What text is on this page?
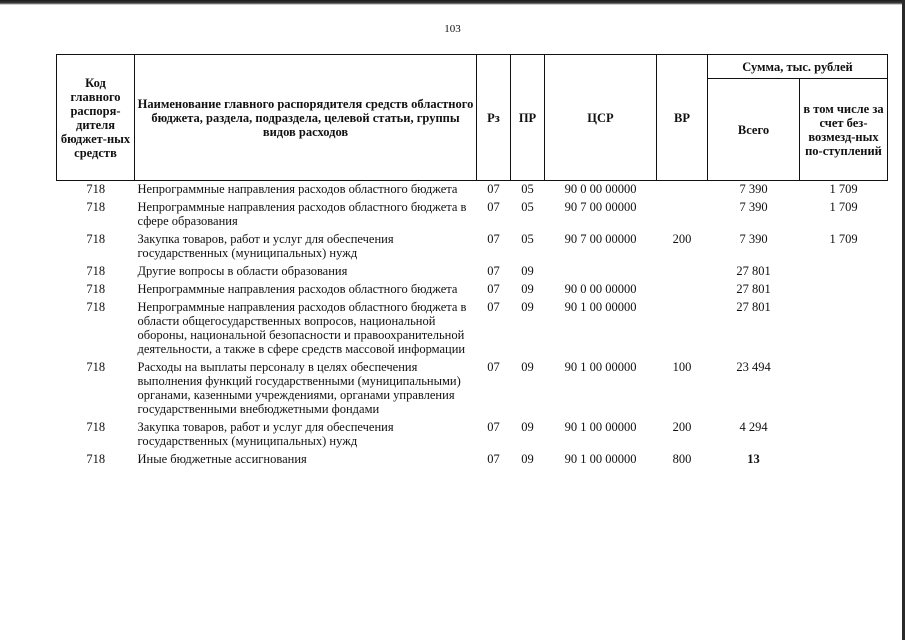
103
Код главного распоря-дителя бюджет-ных средств	Наименование главного распорядителя средств областного бюджета, раздела, подраздела, целевой статьи, группы видов расходов	Рз	ПР	ЦСР	ВР	Сумма, тыс. рублей	
						Всего	в том числе за счет без-возмезд-ных по-ступлений
718	Непрограммные направления расходов областного бюджета	07	05	90 0 00 00000		7 390	1 709
718	Непрограммные направления расходов областного бюджета в сфере образования	07	05	90 7 00 00000		7 390	1 709
718	Закупка товаров, работ и услуг для обеспечения государственных (муниципальных) нужд	07	05	90 7 00 00000	200	7 390	1 709
718	Другие вопросы в области образования	07	09			27 801	
718	Непрограммные направления расходов областного бюджета	07	09	90 0 00 00000		27 801	
718	Непрограммные направления расходов областного бюджета в области общегосударственных вопросов, национальной обороны, национальной безопасности и правоохранительной деятельности, а также в сфере средств массовой информации	07	09	90 1 00 00000		27 801	
718	Расходы на выплаты персоналу в целях обеспечения выполнения функций государственными (муниципальными) органами, казенными учреждениями, органами управления государственными внебюджетными фондами	07	09	90 1 00 00000	100	23 494	
718	Закупка товаров, работ и услуг для обеспечения государственных (муниципальных) нужд	07	09	90 1 00 00000	200	4 294	
718	Иные бюджетные ассигнования	07	09	90 1 00 00000	800	13	
